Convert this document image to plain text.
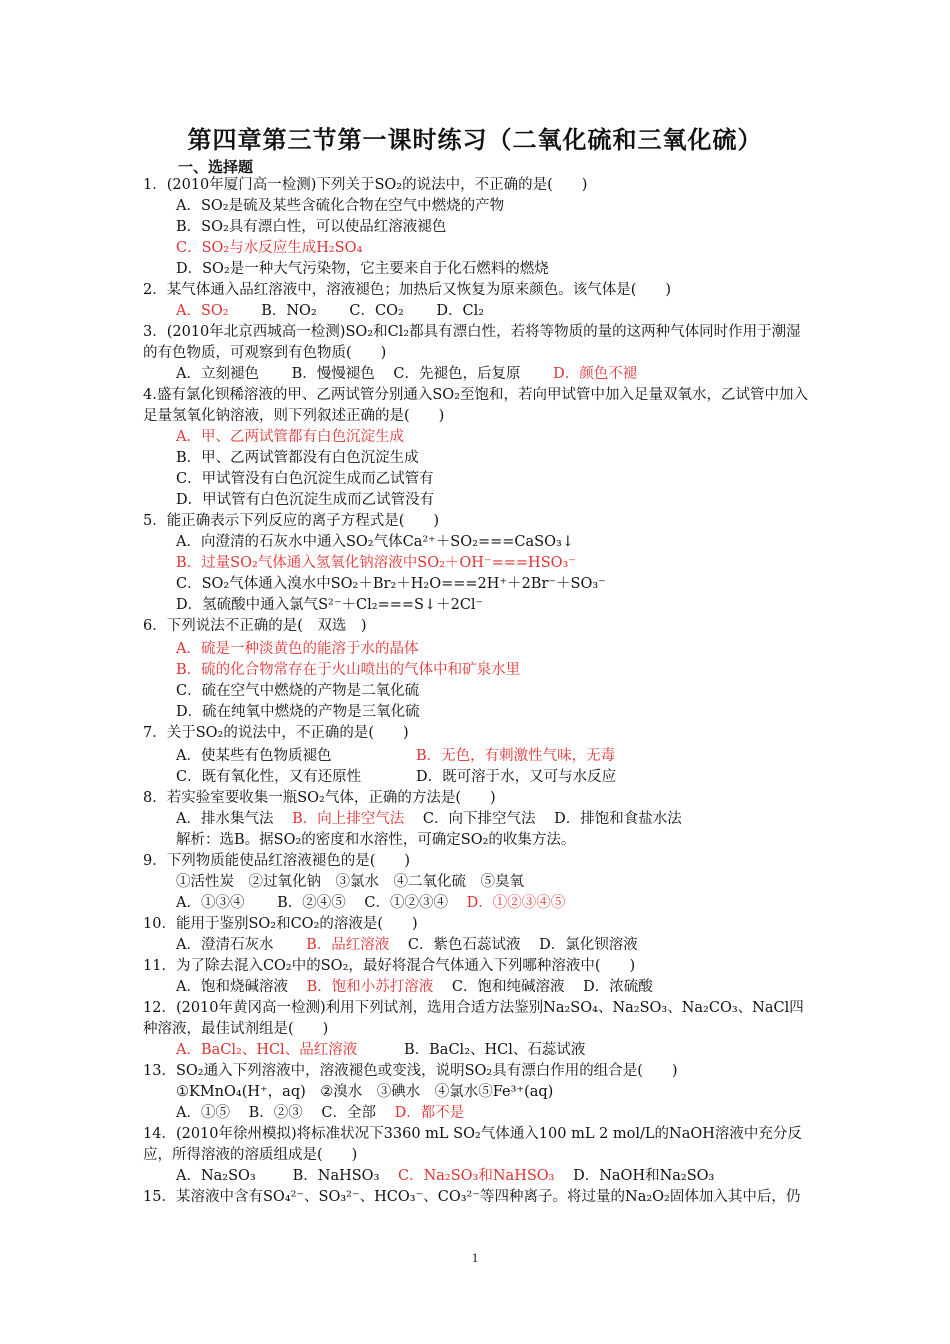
第四章第三节第一课时练习（二氧化硫和三氧化硫）
一、选择题

1．(2010年厦门高一检测)下列关于SO₂的说法中，不正确的是(　　)

A．SO₂是硫及某些含硫化合物在空气中燃烧的产物

B．SO₂具有漂白性，可以使品红溶液褪色

C．SO₂与水反应生成H₂SO₄

D．SO₂是一种大气污染物，它主要来自于化石燃料的燃烧

2．某气体通入品红溶液中，溶液褪色；加热后又恢复为原来颜色。该气体是(　　)

A．SO₂ B．NO₂ C．CO₂ D．Cl₂

3．(2010年北京西城高一检测)SO₂和Cl₂都具有漂白性，若将等物质的量的这两种气体同时作用于潮湿的有色物质，可观察到有色物质(　　)

A．立刻褪色 B．慢慢褪色 C．先褪色，后复原 D．颜色不褪

4.盛有氯化钡稀溶液的甲、乙两试管分别通入SO₂至饱和，若向甲试管中加入足量双氧水，乙试管中加入足量氢氧化钠溶液，则下列叙述正确的是(　　)

A．甲、乙两试管都有白色沉淀生成

B．甲、乙两试管都没有白色沉淀生成

C．甲试管没有白色沉淀生成而乙试管有

D．甲试管有白色沉淀生成而乙试管没有

5．能正确表示下列反应的离子方程式是(　　)

A．向澄清的石灰水中通入SO₂气体Ca²⁺＋SO₂===CaSO₃↓

B．过量SO₂气体通入氢氧化钠溶液中SO₂＋OH⁻===HSO₃⁻

C．SO₂气体通入溴水中SO₂＋Br₂＋H₂O===2H⁺＋2Br⁻＋SO₃⁻

D．氢硫酸中通入氯气S²⁻＋Cl₂===S↓＋2Cl⁻

6．下列说法不正确的是(　双选　)

A．硫是一种淡黄色的能溶于水的晶体

B．硫的化合物常存在于火山喷出的气体中和矿泉水里

C．硫在空气中燃烧的产物是二氧化硫

D．硫在纯氧中燃烧的产物是三氧化硫

7．关于SO₂的说法中，不正确的是(　　)

A．使某些有色物质褪色	B．无色，有刺激性气味，无毒

C．既有氧化性，又有还原性	D．既可溶于水，又可与水反应

8．若实验室要收集一瓶SO₂气体，正确的方法是(　　)

A．排水集气法 B．向上排空气法 C．向下排空气法 D．排饱和食盐水法

解析：选B。据SO₂的密度和水溶性，可确定SO₂的收集方法。

9．下列物质能使品红溶液褪色的是(　　)

①活性炭　②过氧化钠　③氯水　④二氧化硫　⑤臭氧

A．①③④ B．②④⑤ C．①②③④ D．①②③④⑤

10．能用于鉴别SO₂和CO₂的溶液是(　　)

A．澄清石灰水 B．品红溶液 C．紫色石蕊试液 D．氯化钡溶液

11．为了除去混入CO₂中的SO₂，最好将混合气体通入下列哪种溶液中(　　)

A．饱和烧碱溶液 B．饱和小苏打溶液 C．饱和纯碱溶液 D．浓硫酸

12．(2010年黄冈高一检测)利用下列试剂，选用合适方法鉴别Na₂SO₄、Na₂SO₃、Na₂CO₃、NaCl四种溶液，最佳试剂组是(　　)

A．BaCl₂、HCl、品红溶液	B．BaCl₂、HCl、石蕊试液

13．SO₂通入下列溶液中，溶液褪色或变浅，说明SO₂具有漂白作用的组合是(　　)

①KMnO₄(H⁺，aq)　②溴水　③碘水　④氯水⑤Fe³⁺(aq)

A．①⑤ B．②③ C．全部 D．都不是

14．(2010年徐州模拟)将标准状况下3360 mL SO₂气体通入100 mL 2 mol/L的NaOH溶液中充分反应，所得溶液的溶质组成是(　　)

A．Na₂SO₃	B．NaHSO₃ C．Na₂SO₃和NaHSO₃ D．NaOH和Na₂SO₃

15．某溶液中含有SO₄²⁻、SO₃²⁻、HCO₃⁻、CO₃²⁻等四种离子。将过量的Na₂O₂固体加入其中后，仍

1
